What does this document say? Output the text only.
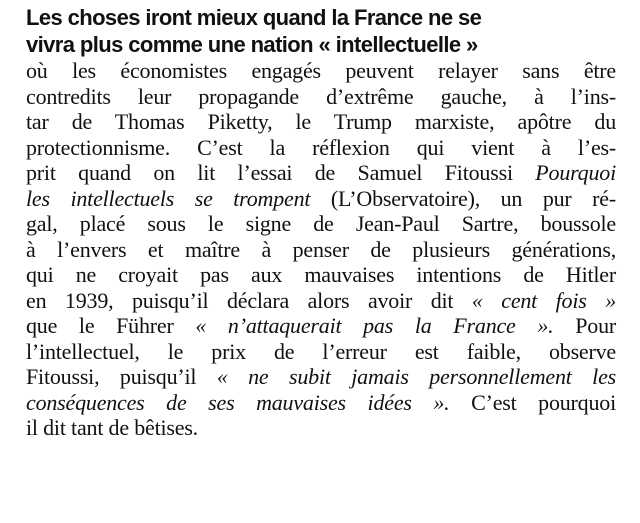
Les choses iront mieux quand la France ne se
vivra plus comme une nation « intellectuelle »
où les économistes engagés peuvent relayer sans être
contredits leur propagande d’extrême gauche, à l’ins-
tar de Thomas Piketty, le Trump marxiste, apôtre du
protectionnisme. C’est la réflexion qui vient à l’es-
prit quand on lit l’essai de Samuel Fitoussi Pourquoi
les intellectuels se trompent (L’Observatoire), un pur ré-
gal, placé sous le signe de Jean-Paul Sartre, boussole
à l’envers et maître à penser de plusieurs générations,
qui ne croyait pas aux mauvaises intentions de Hitler
en 1939, puisqu’il déclara alors avoir dit « cent fois »
que le Führer « n’attaquerait pas la France ». Pour
l’intellectuel, le prix de l’erreur est faible, observe
Fitoussi, puisqu’il « ne subit jamais personnellement les
conséquences de ses mauvaises idées ». C’est pourquoi
il dit tant de bêtises.
